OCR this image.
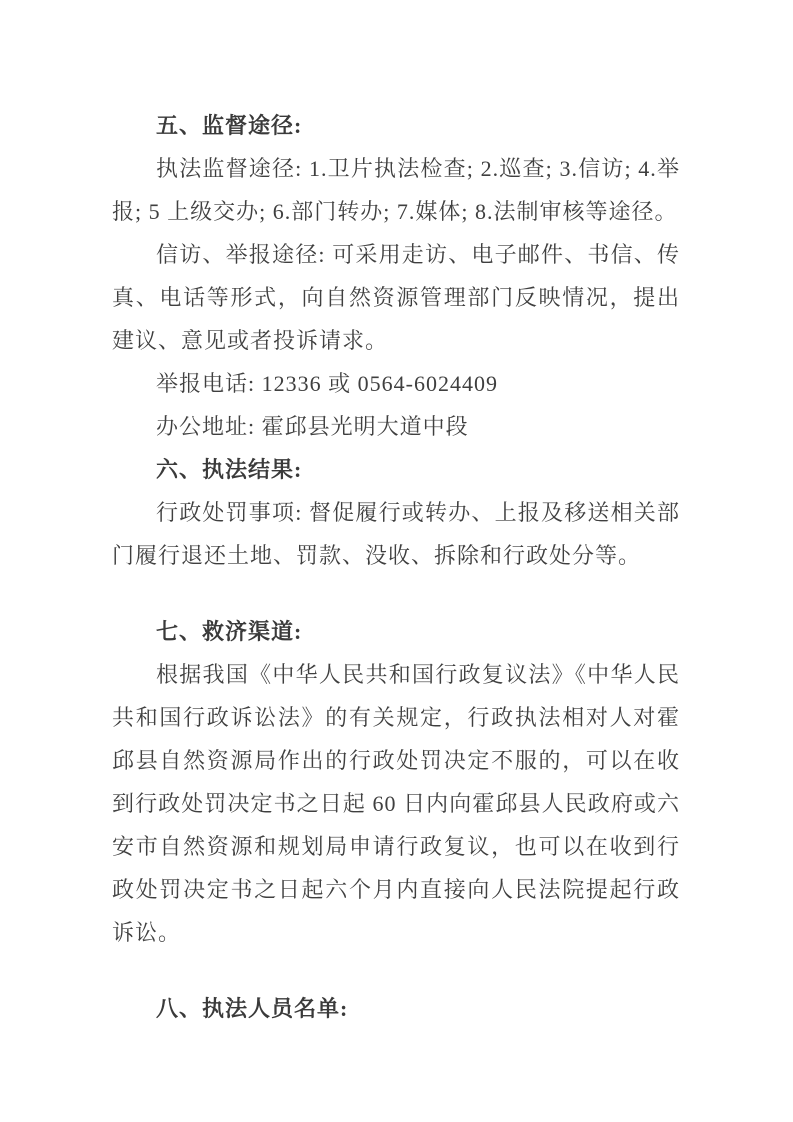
五、监督途径:

执法监督途径: 1.卫片执法检查; 2.巡查; 3.信访; 4.举报; 5 上级交办; 6.部门转办; 7.媒体; 8.法制审核等途径。

信访、举报途径: 可采用走访、电子邮件、书信、传真、电话等形式，向自然资源管理部门反映情况，提出建议、意见或者投诉请求。

举报电话: 12336 或 0564-6024409

办公地址: 霍邱县光明大道中段

六、执法结果:

行政处罚事项: 督促履行或转办、上报及移送相关部门履行退还土地、罚款、没收、拆除和行政处分等。

七、救济渠道:

根据我国《中华人民共和国行政复议法》《中华人民共和国行政诉讼法》的有关规定，行政执法相对人对霍邱县自然资源局作出的行政处罚决定不服的，可以在收到行政处罚决定书之日起 60 日内向霍邱县人民政府或六安市自然资源和规划局申请行政复议，也可以在收到行政处罚决定书之日起六个月内直接向人民法院提起行政诉讼。

八、执法人员名单:
